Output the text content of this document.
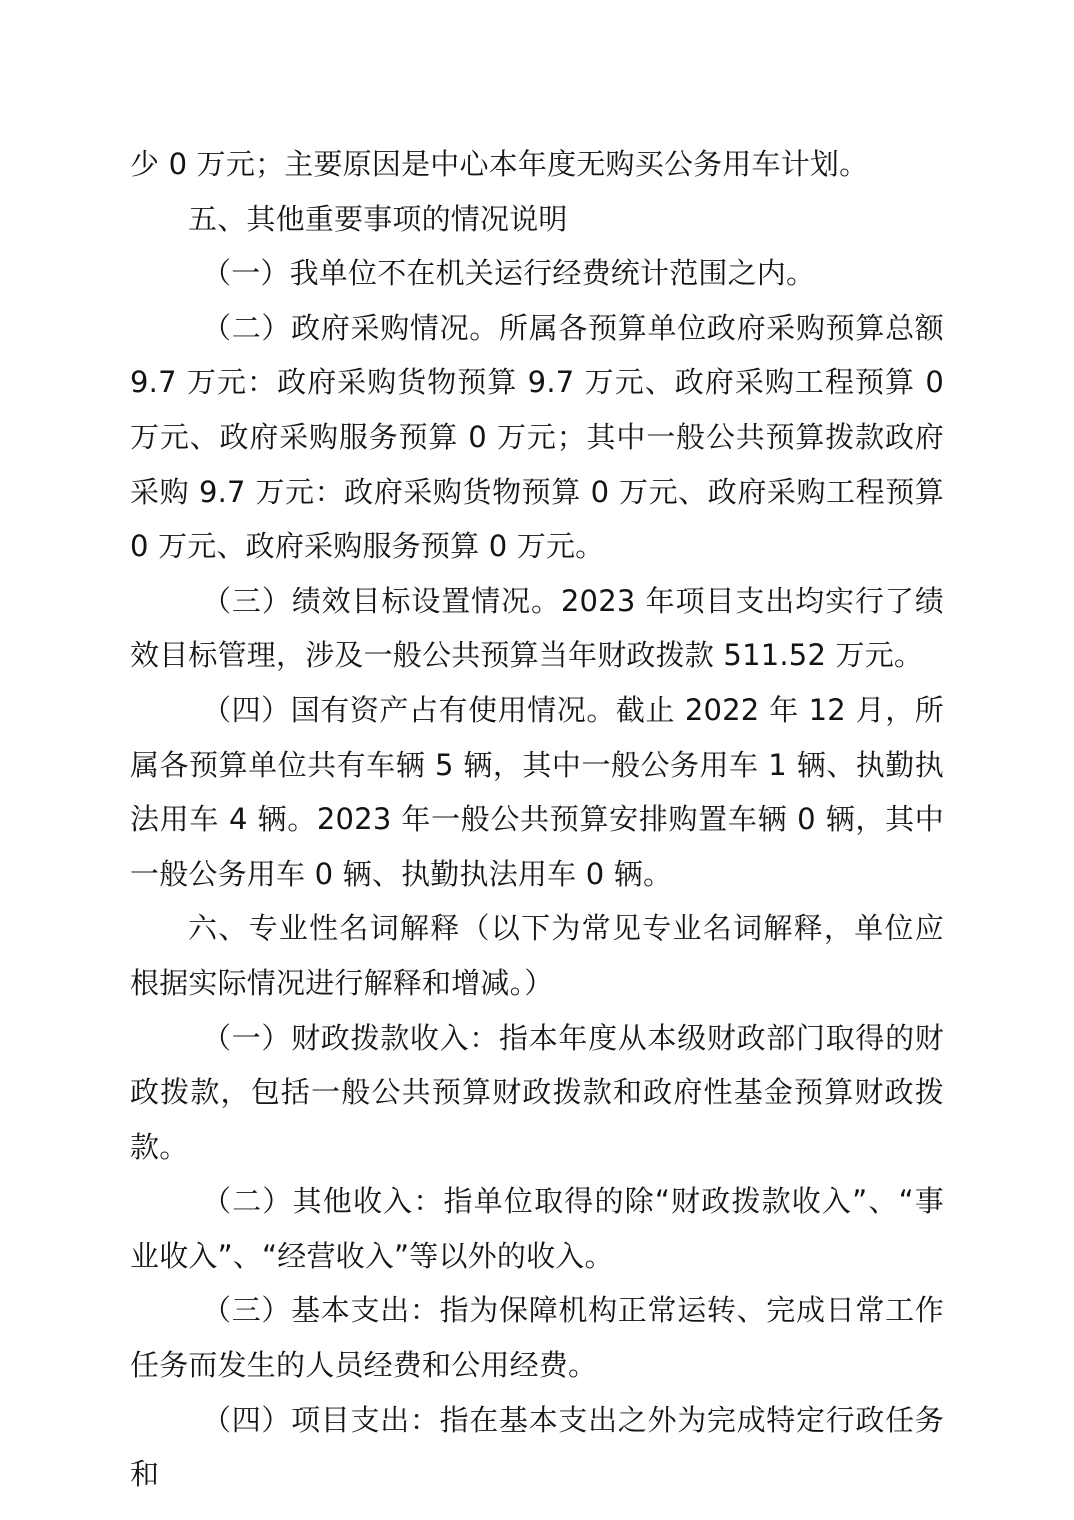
少 0 万元；主要原因是中心本年度无购买公务用车计划。

五、其他重要事项的情况说明

（一）我单位不在机关运行经费统计范围之内。

（二）政府采购情况。所属各预算单位政府采购预算总额 9.7 万元：政府采购货物预算 9.7 万元、政府采购工程预算 0 万元、政府采购服务预算 0 万元；其中一般公共预算拨款政府采购 9.7 万元：政府采购货物预算 0 万元、政府采购工程预算 0 万元、政府采购服务预算 0 万元。

（三）绩效目标设置情况。2023 年项目支出均实行了绩效目标管理，涉及一般公共预算当年财政拨款 511.52 万元。

（四）国有资产占有使用情况。截止 2022 年 12 月，所属各预算单位共有车辆 5 辆，其中一般公务用车 1 辆、执勤执法用车 4 辆。2023 年一般公共预算安排购置车辆 0 辆，其中一般公务用车 0 辆、执勤执法用车 0 辆。

六、专业性名词解释（以下为常见专业名词解释，单位应根据实际情况进行解释和增减。）

（一）财政拨款收入：指本年度从本级财政部门取得的财政拨款，包括一般公共预算财政拨款和政府性基金预算财政拨款。

（二）其他收入：指单位取得的除“财政拨款收入”、“事业收入”、“经营收入”等以外的收入。

（三）基本支出：指为保障机构正常运转、完成日常工作任务而发生的人员经费和公用经费。

（四）项目支出：指在基本支出之外为完成特定行政任务和
